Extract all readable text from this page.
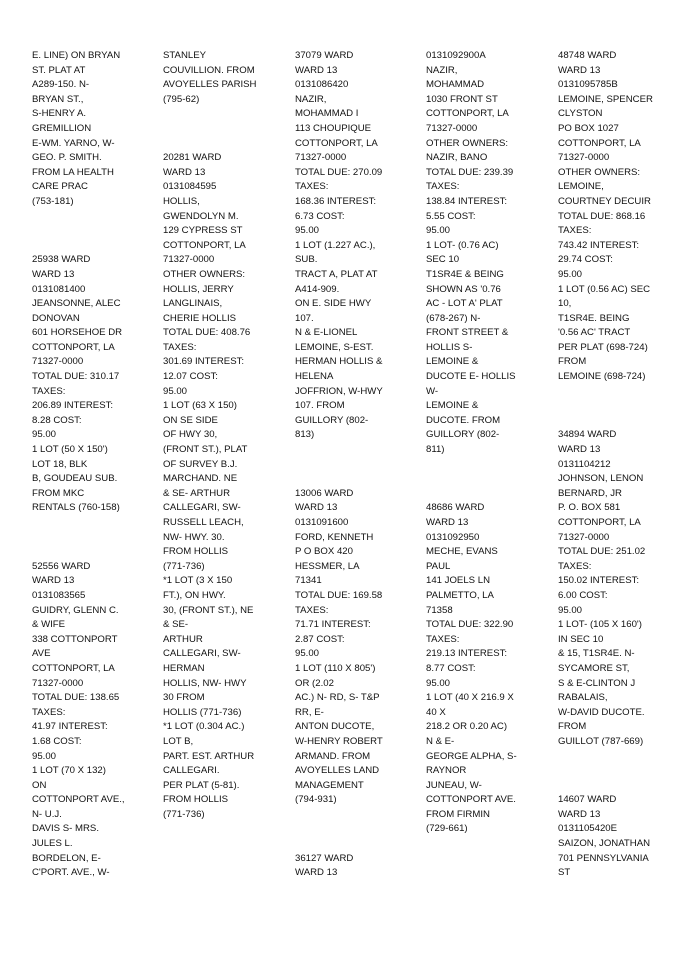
E. LINE) ON BRYAN
ST. PLAT AT
A289-150. N-
BRYAN ST.,
S-HENRY A.
GREMILLION
E-WM. YARNO, W-
GEO. P. SMITH.
FROM LA HEALTH
CARE PRAC
(753-181)
25938 WARD
WARD 13
0131081400
JEANSONNE, ALEC
DONOVAN
601 HORSEHOE DR
COTTONPORT, LA
71327-0000
TOTAL DUE: 310.17
TAXES:
206.89 INTEREST:
8.28 COST:
95.00
1 LOT (50 X 150')
LOT 18, BLK
B, GOUDEAU SUB.
FROM MKC
RENTALS (760-158)
52556 WARD
WARD 13
0131083565
GUIDRY, GLENN C.
& WIFE
338 COTTONPORT
AVE
COTTONPORT, LA
71327-0000
TOTAL DUE: 138.65
TAXES:
41.97 INTEREST:
1.68 COST:
95.00
1 LOT (70 X 132)
ON
COTTONPORT AVE.,
N- U.J.
DAVIS S- MRS.
JULES L.
BORDELON, E-
C'PORT. AVE., W-
STANLEY
COUVILLION. FROM
AVOYELLES PARISH
(795-62)
20281 WARD
WARD 13
0131084595
HOLLIS,
GWENDOLYN M.
129 CYPRESS ST
COTTONPORT, LA
71327-0000
OTHER OWNERS:
HOLLIS, JERRY
LANGLINAIS,
CHERIE HOLLIS
TOTAL DUE: 408.76
TAXES:
301.69 INTEREST:
12.07 COST:
95.00
1 LOT (63 X 150)
ON SE SIDE
OF HWY 30,
(FRONT ST.), PLAT
OF SURVEY B.J.
MARCHAND. NE
& SE- ARTHUR
CALLEGARI, SW-
RUSSELL LEACH,
NW- HWY. 30.
FROM HOLLIS
(771-736)
*1 LOT (3 X 150
FT.), ON HWY.
30, (FRONT ST.), NE
& SE-
ARTHUR
CALLEGARI, SW-
HERMAN
HOLLIS, NW- HWY
30 FROM
HOLLIS (771-736)
*1 LOT (0.304 AC.)
LOT B,
PART. EST. ARTHUR
CALLEGARI.
PER PLAT (5-81).
FROM HOLLIS
(771-736)
37079 WARD
WARD 13
0131086420
NAZIR,
MOHAMMAD I
113 CHOUPIQUE
COTTONPORT, LA
71327-0000
TOTAL DUE: 270.09
TAXES:
168.36 INTEREST:
6.73 COST:
95.00
1 LOT (1.227 AC.),
SUB.
TRACT A, PLAT AT
A414-909.
ON E. SIDE HWY
107.
N & E-LIONEL
LEMOINE, S-EST.
HERMAN HOLLIS &
HELENA
JOFFRION, W-HWY
107. FROM
GUILLORY (802-
813)
13006 WARD
WARD 13
0131091600
FORD, KENNETH
P O BOX 420
HESSMER, LA
71341
TOTAL DUE: 169.58
TAXES:
71.71 INTEREST:
2.87 COST:
95.00
1 LOT (110 X 805')
OR (2.02
AC.) N- RD, S- T&P
RR, E-
ANTON DUCOTE,
W-HENRY ROBERT
ARMAND. FROM
AVOYELLES LAND
MANAGEMENT
(794-931)
36127 WARD
WARD 13
0131092900A
NAZIR,
MOHAMMAD
1030 FRONT ST
COTTONPORT, LA
71327-0000
OTHER OWNERS:
NAZIR, BANO
TOTAL DUE: 239.39
TAXES:
138.84 INTEREST:
5.55 COST:
95.00
1 LOT- (0.76 AC)
SEC 10
T1SR4E & BEING
SHOWN AS '0.76
AC - LOT A' PLAT
(678-267) N-
FRONT STREET &
HOLLIS S-
LEMOINE &
DUCOTE E- HOLLIS
W-
LEMOINE &
DUCOTE. FROM
GUILLORY (802-
811)
48686 WARD
WARD 13
0131092950
MECHE, EVANS
PAUL
141 JOELS LN
PALMETTO, LA
71358
TOTAL DUE: 322.90
TAXES:
219.13 INTEREST:
8.77 COST:
95.00
1 LOT (40 X 216.9 X
40 X
218.2 OR 0.20 AC)
N & E-
GEORGE ALPHA, S-
RAYNOR
JUNEAU, W-
COTTONPORT AVE.
FROM FIRMIN
(729-661)
48748 WARD
WARD 13
0131095785B
LEMOINE, SPENCER
CLYSTON
PO BOX 1027
COTTONPORT, LA
71327-0000
OTHER OWNERS:
LEMOINE,
COURTNEY DECUIR
TOTAL DUE: 868.16
TAXES:
743.42 INTEREST:
29.74 COST:
95.00
1 LOT (0.56 AC) SEC
10,
T1SR4E. BEING
'0.56 AC' TRACT
PER PLAT (698-724)
FROM
LEMOINE (698-724)
34894 WARD
WARD 13
0131104212
JOHNSON, LENON
BERNARD, JR
P. O. BOX 581
COTTONPORT, LA
71327-0000
TOTAL DUE: 251.02
TAXES:
150.02 INTEREST:
6.00 COST:
95.00
1 LOT- (105 X 160')
IN SEC 10
& 15, T1SR4E. N-
SYCAMORE ST,
S & E-CLINTON J
RABALAIS,
W-DAVID DUCOTE.
FROM
GUILLOT (787-669)
14607 WARD
WARD 13
0131105420E
SAIZON, JONATHAN
701 PENNSYLVANIA
ST
